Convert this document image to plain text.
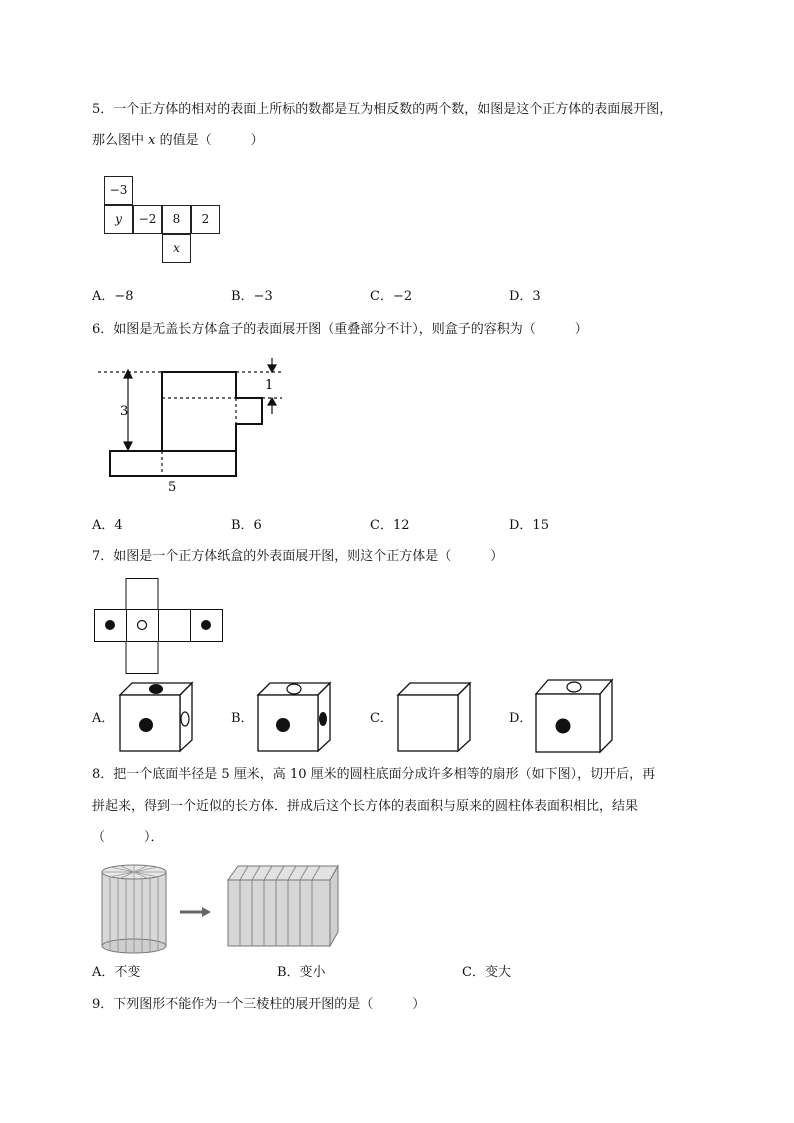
5．一个正方体的相对的表面上所标的数都是互为相反数的两个数，如图是这个正方体的表面展开图，
那么图中 x 的值是（　　　）
−3
y	−2	8	2
x
A．−8	B．−3	C．−2	D．3
6．如图是无盖长方体盒子的表面展开图（重叠部分不计），则盒子的容积为（　　　）
3
5
1
A．4	B．6	C．12	D．15
7．如图是一个正方体纸盒的外表面展开图，则这个正方体是（　　　）
A．	B．	C．	D．
8．把一个底面半径是 5 厘米，高 10 厘米的圆柱底面分成许多相等的扇形（如下图），切开后，再
拼起来，得到一个近似的长方体．拼成后这个长方体的表面积与原来的圆柱体表面积相比，结果
（　　　）．
A．不变	B．变小	C．变大
9．下列图形不能作为一个三棱柱的展开图的是（　　　）
